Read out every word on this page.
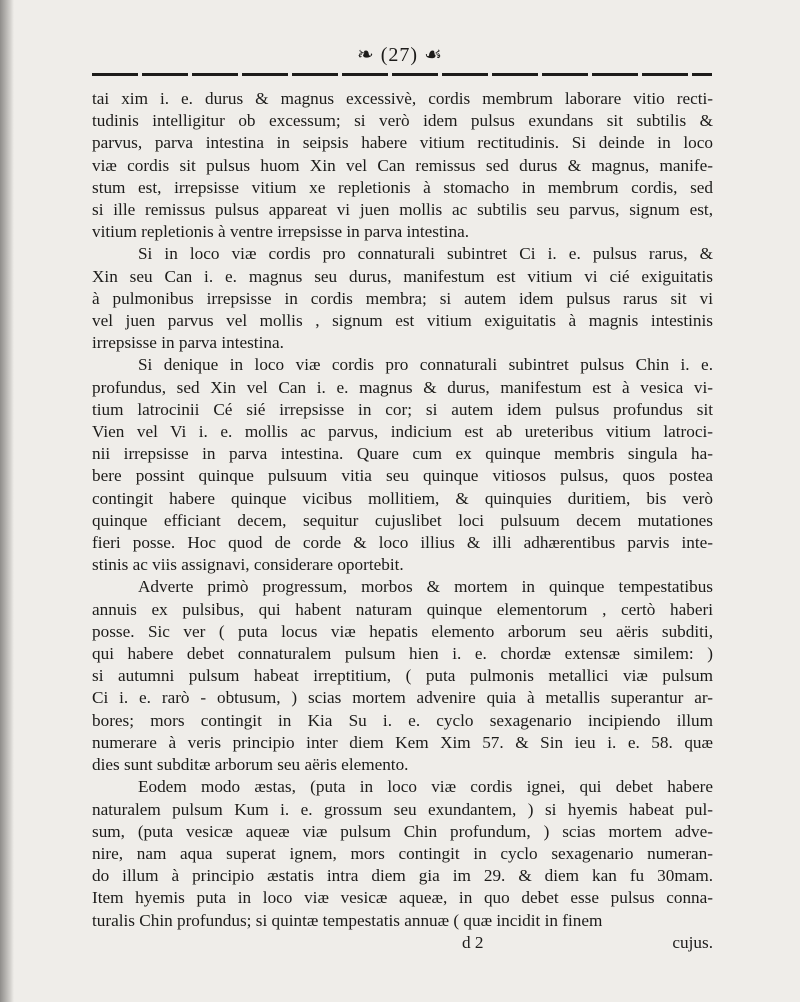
❧ (27) ☙
tai xim i. e. durus & magnus excessivè, cordis membrum laborare vitio recti-
tudinis intelligitur ob excessum; si verò idem pulsus exundans sit subtilis &
parvus, parva intestina in seipsis habere vitium rectitudinis. Si deinde in loco
viæ cordis sit pulsus huom Xin vel Can remissus sed durus & magnus, manife-
stum est, irrepsisse vitium xe repletionis à stomacho in membrum cordis, sed
si ille remissus pulsus appareat vi juen mollis ac subtilis seu parvus, signum est,
vitium repletionis à ventre irrepsisse in parva intestina.
Si in loco viæ cordis pro connaturali subintret Ci i. e. pulsus rarus, &
Xin seu Can i. e. magnus seu durus, manifestum est vitium vi cié exiguitatis
à pulmonibus irrepsisse in cordis membra; si autem idem pulsus rarus sit vi
vel juen parvus vel mollis , signum est vitium exiguitatis à magnis intestinis
irrepsisse in parva intestina.
Si denique in loco viæ cordis pro connaturali subintret pulsus Chin i. e.
profundus, sed Xin vel Can i. e. magnus & durus, manifestum est à vesica vi-
tium latrocinii Cé sié irrepsisse in cor; si autem idem pulsus profundus sit
Vien vel Vi i. e. mollis ac parvus, indicium est ab ureteribus vitium latroci-
nii irrepsisse in parva intestina. Quare cum ex quinque membris singula ha-
bere possint quinque pulsuum vitia seu quinque vitiosos pulsus, quos postea
contingit habere quinque vicibus mollitiem, & quinquies duritiem, bis verò
quinque efficiant decem, sequitur cujuslibet loci pulsuum decem mutationes
fieri posse. Hoc quod de corde & loco illius & illi adhærentibus parvis inte-
stinis ac viis assignavi, considerare oportebit.
Adverte primò progressum, morbos & mortem in quinque tempestatibus
annuis ex pulsibus, qui habent naturam quinque elementorum , certò haberi
posse. Sic ver ( puta locus viæ hepatis elemento arborum seu aëris subditi,
qui habere debet connaturalem pulsum hien i. e. chordæ extensæ similem: )
si autumni pulsum habeat irreptitium, ( puta pulmonis metallici viæ pulsum
Ci i. e. rarò - obtusum, ) scias mortem advenire quia à metallis superantur ar-
bores; mors contingit in Kia Su i. e. cyclo sexagenario incipiendo illum
numerare à veris principio inter diem Kem Xim 57. & Sin ieu i. e. 58. quæ
dies sunt subditæ arborum seu aëris elemento.
Eodem modo æstas, (puta in loco viæ cordis ignei, qui debet habere
naturalem pulsum Kum i. e. grossum seu exundantem, ) si hyemis habeat pul-
sum, (puta vesicæ aqueæ viæ pulsum Chin profundum, ) scias mortem adve-
nire, nam aqua superat ignem, mors contingit in cyclo sexagenario numeran-
do illum à principio æstatis intra diem gia im 29. & diem kan fu 30mam.
Item hyemis puta in loco viæ vesicæ aqueæ, in quo debet esse pulsus conna-
turalis Chin profundus; si quintæ tempestatis annuæ ( quæ incidit in finem
d 2	cujus.
